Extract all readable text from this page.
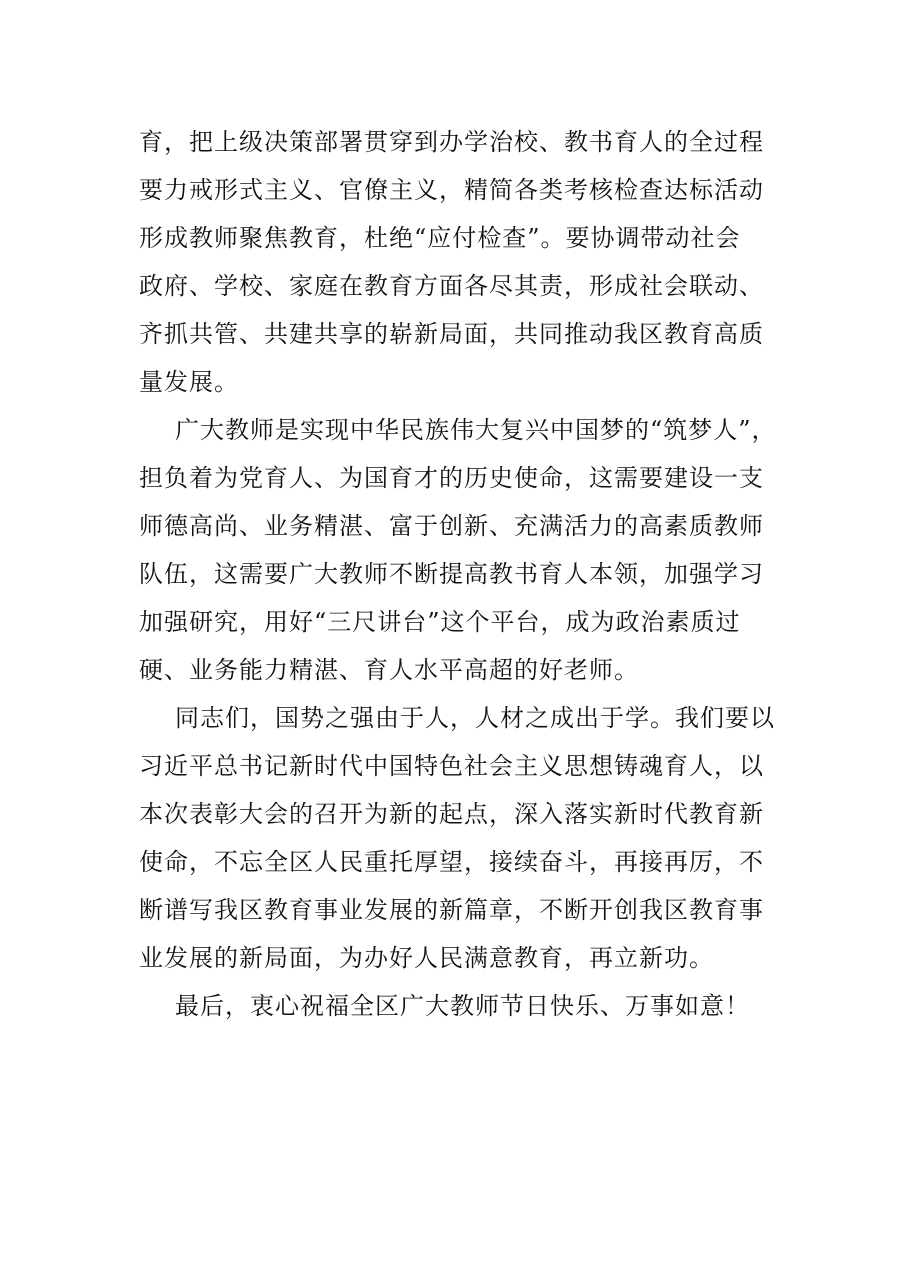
育，把上级决策部署贯穿到办学治校、教书育人的全过程
要力戒形式主义、官僚主义，精简各类考核检查达标活动
形成教师聚焦教育，杜绝“应付检查”。要协调带动社会
政府、学校、家庭在教育方面各尽其责，形成社会联动、
齐抓共管、共建共享的崭新局面，共同推动我区教育高质
量发展。
广大教师是实现中华民族伟大复兴中国梦的“筑梦人”，
担负着为党育人、为国育才的历史使命，这需要建设一支
师德高尚、业务精湛、富于创新、充满活力的高素质教师
队伍，这需要广大教师不断提高教书育人本领，加强学习
加强研究，用好“三尺讲台”这个平台，成为政治素质过
硬、业务能力精湛、育人水平高超的好老师。
同志们，国势之强由于人，人材之成出于学。我们要以
习近平总书记新时代中国特色社会主义思想铸魂育人，以
本次表彰大会的召开为新的起点，深入落实新时代教育新
使命，不忘全区人民重托厚望，接续奋斗，再接再厉，不
断谱写我区教育事业发展的新篇章，不断开创我区教育事
业发展的新局面，为办好人民满意教育，再立新功。
最后，衷心祝福全区广大教师节日快乐、万事如意！
